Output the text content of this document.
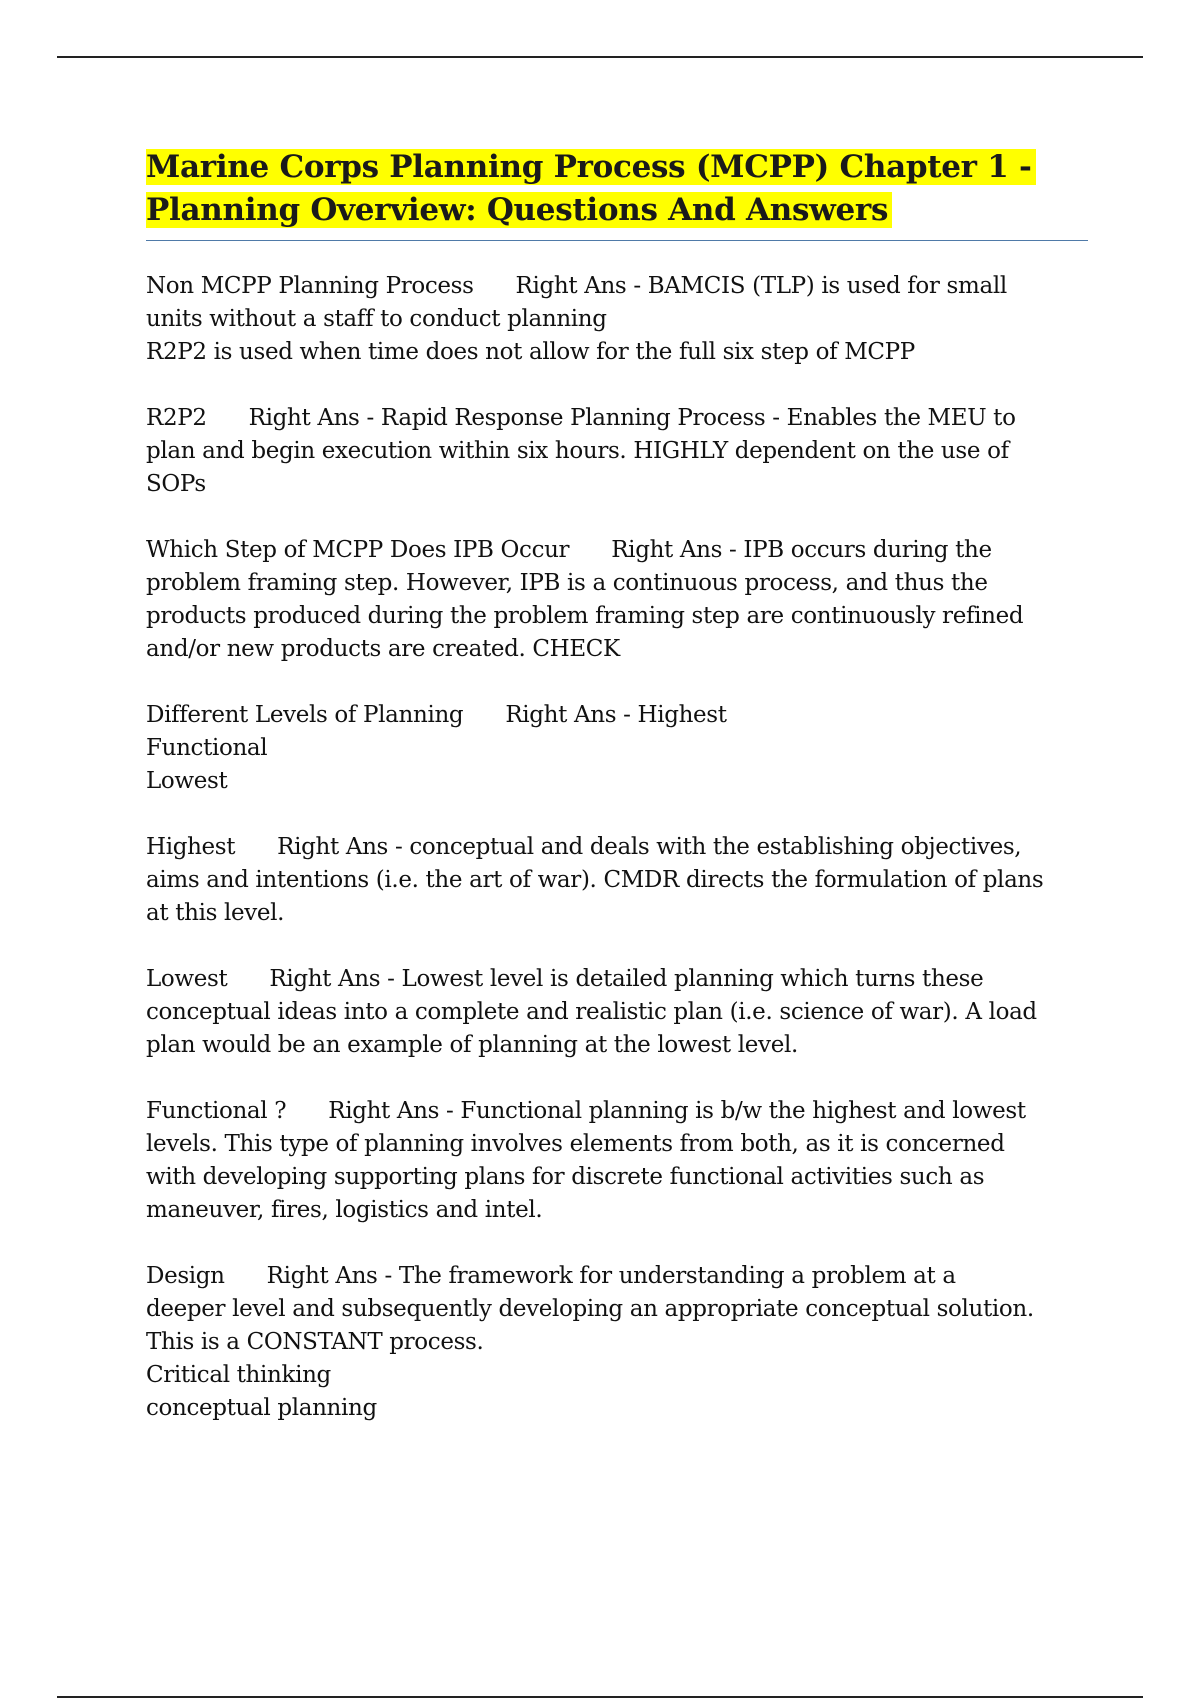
Marine Corps Planning Process (MCPP) Chapter 1 -
Planning Overview: Questions And Answers
Non MCPP Planning Process Right Ans - BAMCIS (TLP) is used for small
units without a staff to conduct planning
R2P2 is used when time does not allow for the full six step of MCPP
R2P2 Right Ans - Rapid Response Planning Process - Enables the MEU to
plan and begin execution within six hours. HIGHLY dependent on the use of
SOPs
Which Step of MCPP Does IPB Occur Right Ans - IPB occurs during the
problem framing step. However, IPB is a continuous process, and thus the
products produced during the problem framing step are continuously refined
and/or new products are created. CHECK
Different Levels of Planning Right Ans - Highest
Functional
Lowest
Highest Right Ans - conceptual and deals with the establishing objectives,
aims and intentions (i.e. the art of war). CMDR directs the formulation of plans
at this level.
Lowest Right Ans - Lowest level is detailed planning which turns these
conceptual ideas into a complete and realistic plan (i.e. science of war). A load
plan would be an example of planning at the lowest level.
Functional ? Right Ans - Functional planning is b/w the highest and lowest
levels. This type of planning involves elements from both, as it is concerned
with developing supporting plans for discrete functional activities such as
maneuver, fires, logistics and intel.
Design Right Ans - The framework for understanding a problem at a
deeper level and subsequently developing an appropriate conceptual solution.
This is a CONSTANT process.
Critical thinking
conceptual planning
